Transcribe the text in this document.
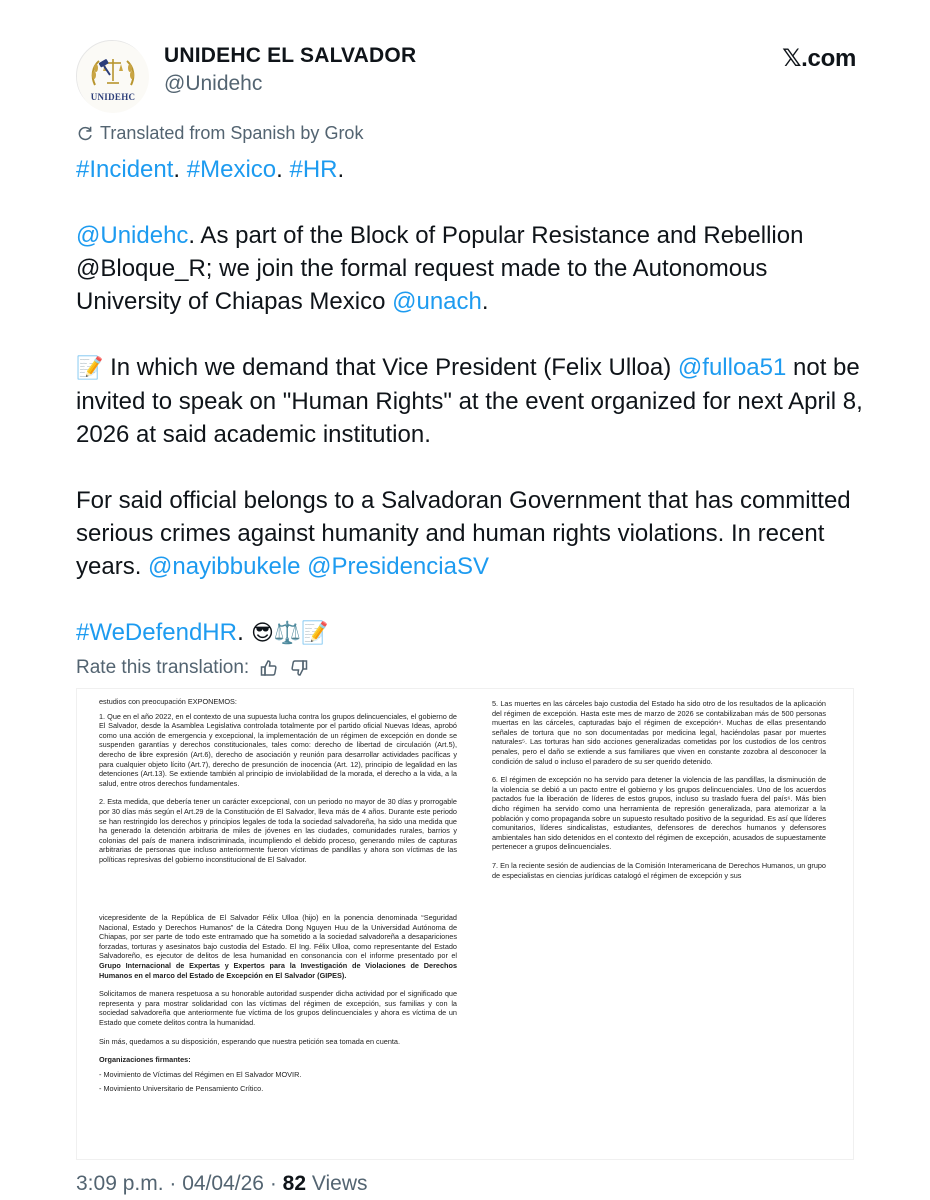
UNIDEHC
UNIDEHC EL SALVADOR
@Unidehc
𝕏.com
Translated from Spanish by Grok

#Incident. #Mexico. #HR.

@Unidehc. As part of the Block of Popular Resistance and Rebellion @Bloque_R; we join the formal request made to the Autonomous University of Chiapas Mexico @unach.

📝 In which we demand that Vice President (Felix Ulloa) @fulloa51 not be invited to speak on "Human Rights" at the event organized for next April 8, 2026 at said academic institution.

For said official belongs to a Salvadoran Government that has committed serious crimes against humanity and human rights violations. In recent years. @nayibbukele @PresidenciaSV

#WeDefendHR. 😎⚖️📝

Rate this translation:

estudios con preocupación EXPONEMOS:

1. Que en el año 2022, en el contexto de una supuesta lucha contra los grupos delincuenciales, el gobierno de El Salvador, desde la Asamblea Legislativa controlada totalmente por el partido oficial Nuevas Ideas, aprobó como una acción de emergencia y excepcional, la implementación de un régimen de excepción en donde se suspenden garantías y derechos constitucionales, tales como: derecho de libertad de circulación (Art.5), derecho de libre expresión (Art.6), derecho de asociación y reunión para desarrollar actividades pacíficas y para cualquier objeto lícito (Art.7), derecho de presunción de inocencia (Art. 12), principio de legalidad en las detenciones (Art.13). Se extiende también al principio de inviolabilidad de la morada, el derecho a la vida, a la salud, entre otros derechos fundamentales.

2. Esta medida, que debería tener un carácter excepcional, con un periodo no mayor de 30 días y prorrogable por 30 días más según el Art.29 de la Constitución de El Salvador, lleva más de 4 años. Durante este periodo se han restringido los derechos y principios legales de toda la sociedad salvadoreña, ha sido una medida que ha generado la detención arbitraria de miles de jóvenes en las ciudades, comunidades rurales, barrios y colonias del país de manera indiscriminada, incumpliendo el debido proceso, generando miles de capturas arbitrarias de personas que incluso anteriormente fueron víctimas de pandillas y ahora son víctimas de las políticas represivas del gobierno inconstitucional de El Salvador.

5. Las muertes en las cárceles bajo custodia del Estado ha sido otro de los resultados de la aplicación del régimen de excepción. Hasta este mes de marzo de 2026 se contabilizaban más de 500 personas muertas en las cárceles, capturadas bajo el régimen de excepción⁴. Muchas de ellas presentando señales de tortura que no son documentadas por medicina legal, haciéndolas pasar por muertes naturales⁵. Las torturas han sido acciones generalizadas cometidas por los custodios de los centros penales, pero el daño se extiende a sus familiares que viven en constante zozobra al desconocer la condición de salud o incluso el paradero de su ser querido detenido.

6. El régimen de excepción no ha servido para detener la violencia de las pandillas, la disminución de la violencia se debió a un pacto entre el gobierno y los grupos delincuenciales. Uno de los acuerdos pactados fue la liberación de líderes de estos grupos, incluso su traslado fuera del país⁶. Más bien dicho régimen ha servido como una herramienta de represión generalizada, para atemorizar a la población y como propaganda sobre un supuesto resultado positivo de la seguridad. Es así que líderes comunitarios, líderes sindicalistas, estudiantes, defensores de derechos humanos y defensores ambientales han sido detenidos en el contexto del régimen de excepción, acusados de supuestamente pertenecer a grupos delincuenciales.

7. En la reciente sesión de audiencias de la Comisión Interamericana de Derechos Humanos, un grupo de especialistas en ciencias jurídicas catalogó el régimen de excepción y sus

vicepresidente de la República de El Salvador Félix Ulloa (hijo) en la ponencia denominada “Seguridad Nacional, Estado y Derechos Humanos” de la Cátedra Dong Nguyen Huu de la Universidad Autónoma de Chiapas, por ser parte de todo este entramado que ha sometido a la sociedad salvadoreña a desapariciones forzadas, torturas y asesinatos bajo custodia del Estado. El Ing. Félix Ulloa, como representante del Estado Salvadoreño, es ejecutor de delitos de lesa humanidad en consonancia con el informe presentado por el Grupo Internacional de Expertas y Expertos para la Investigación de Violaciones de Derechos Humanos en el marco del Estado de Excepción en El Salvador (GIPES).

Solicitamos de manera respetuosa a su honorable autoridad suspender dicha actividad por el significado que representa y para mostrar solidaridad con las víctimas del régimen de excepción, sus familias y con la sociedad salvadoreña que anteriormente fue víctima de los grupos delincuenciales y ahora es víctima de un Estado que comete delitos contra la humanidad.

Sin más, quedamos a su disposición, esperando que nuestra petición sea tomada en cuenta.

Organizaciones firmantes:

- Movimiento de Víctimas del Régimen en El Salvador MOVIR.

- Movimiento Universitario de Pensamiento Crítico.

3:09 p.m. · 04/04/26 · 82 Views
